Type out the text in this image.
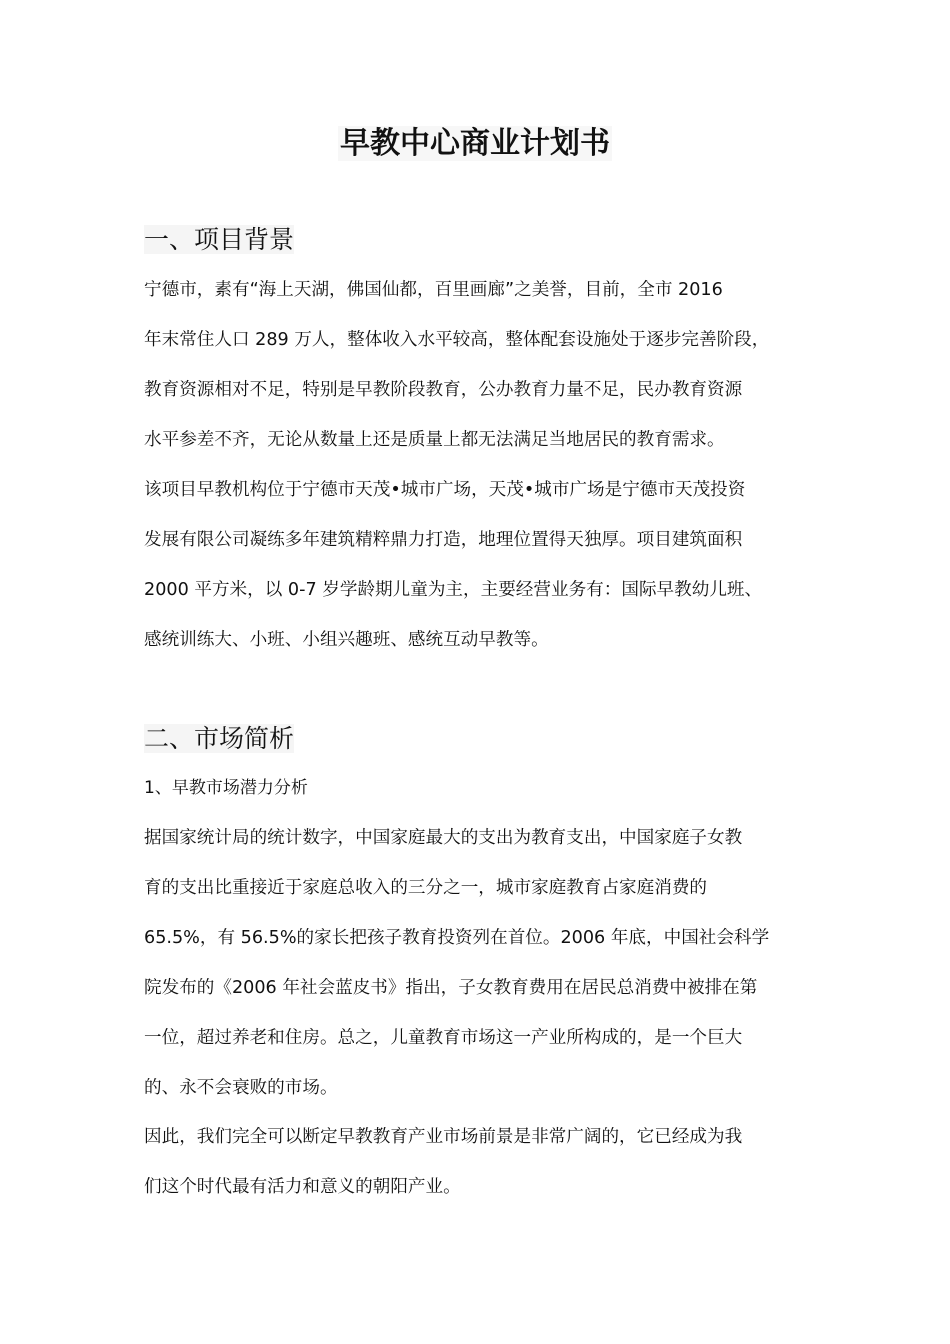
早教中心商业计划书
一、项目背景

宁德市，素有“海上天湖，佛国仙都，百里画廊”之美誉，目前，全市 2016
年末常住人口 289 万人，整体收入水平较高，整体配套设施处于逐步完善阶段，
教育资源相对不足，特别是早教阶段教育，公办教育力量不足，民办教育资源
水平参差不齐，无论从数量上还是质量上都无法满足当地居民的教育需求。

该项目早教机构位于宁德市天茂•城市广场，天茂•城市广场是宁德市天茂投资
发展有限公司凝练多年建筑精粹鼎力打造，地理位置得天独厚。项目建筑面积
2000 平方米，以 0-7 岁学龄期儿童为主，主要经营业务有：国际早教幼儿班、
感统训练大、小班、小组兴趣班、感统互动早教等。

二、市场简析
1、早教市场潜力分析

据国家统计局的统计数字，中国家庭最大的支出为教育支出，中国家庭子女教
育的支出比重接近于家庭总收入的三分之一，城市家庭教育占家庭消费的
65.5%，有 56.5%的家长把孩子教育投资列在首位。2006 年底，中国社会科学
院发布的《2006 年社会蓝皮书》指出，子女教育费用在居民总消费中被排在第
一位，超过养老和住房。总之，儿童教育市场这一产业所构成的，是一个巨大
的、永不会衰败的市场。

因此，我们完全可以断定早教教育产业市场前景是非常广阔的，它已经成为我
们这个时代最有活力和意义的朝阳产业。
